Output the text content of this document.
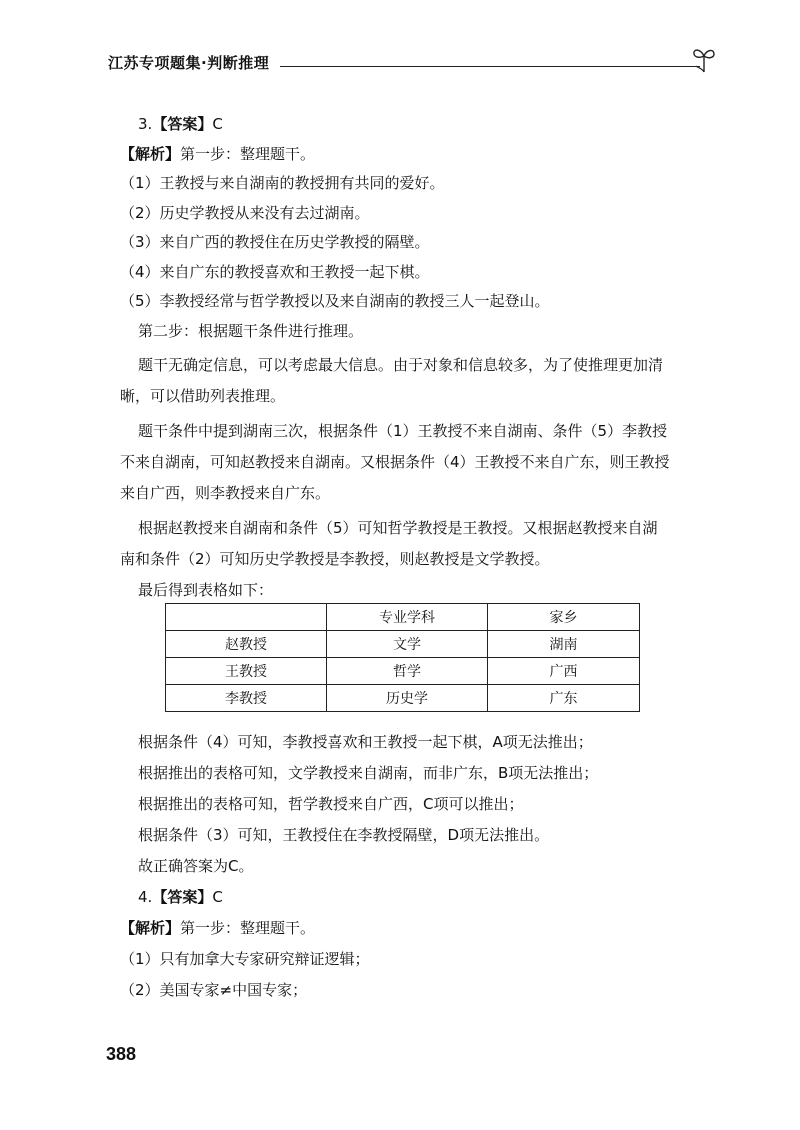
江苏专项题集·判断推理
3.【答案】C
【解析】第一步：整理题干。
（1）王教授与来自湖南的教授拥有共同的爱好。
（2）历史学教授从来没有去过湖南。
（3）来自广西的教授住在历史学教授的隔壁。
（4）来自广东的教授喜欢和王教授一起下棋。
（5）李教授经常与哲学教授以及来自湖南的教授三人一起登山。
第二步：根据题干条件进行推理。
题干无确定信息，可以考虑最大信息。由于对象和信息较多，为了使推理更加清
晰，可以借助列表推理。
题干条件中提到湖南三次，根据条件（1）王教授不来自湖南、条件（5）李教授
不来自湖南，可知赵教授来自湖南。又根据条件（4）王教授不来自广东，则王教授
来自广西，则李教授来自广东。
根据赵教授来自湖南和条件（5）可知哲学教授是王教授。又根据赵教授来自湖
南和条件（2）可知历史学教授是李教授，则赵教授是文学教授。
最后得到表格如下：
	专业学科	家乡
赵教授	文学	湖南
王教授	哲学	广西
李教授	历史学	广东
根据条件（4）可知，李教授喜欢和王教授一起下棋，A项无法推出；
根据推出的表格可知，文学教授来自湖南，而非广东，B项无法推出；
根据推出的表格可知，哲学教授来自广西，C项可以推出；
根据条件（3）可知，王教授住在李教授隔壁，D项无法推出。
故正确答案为C。
4.【答案】C
【解析】第一步：整理题干。
（1）只有加拿大专家研究辩证逻辑；
（2）美国专家≠中国专家；
388
